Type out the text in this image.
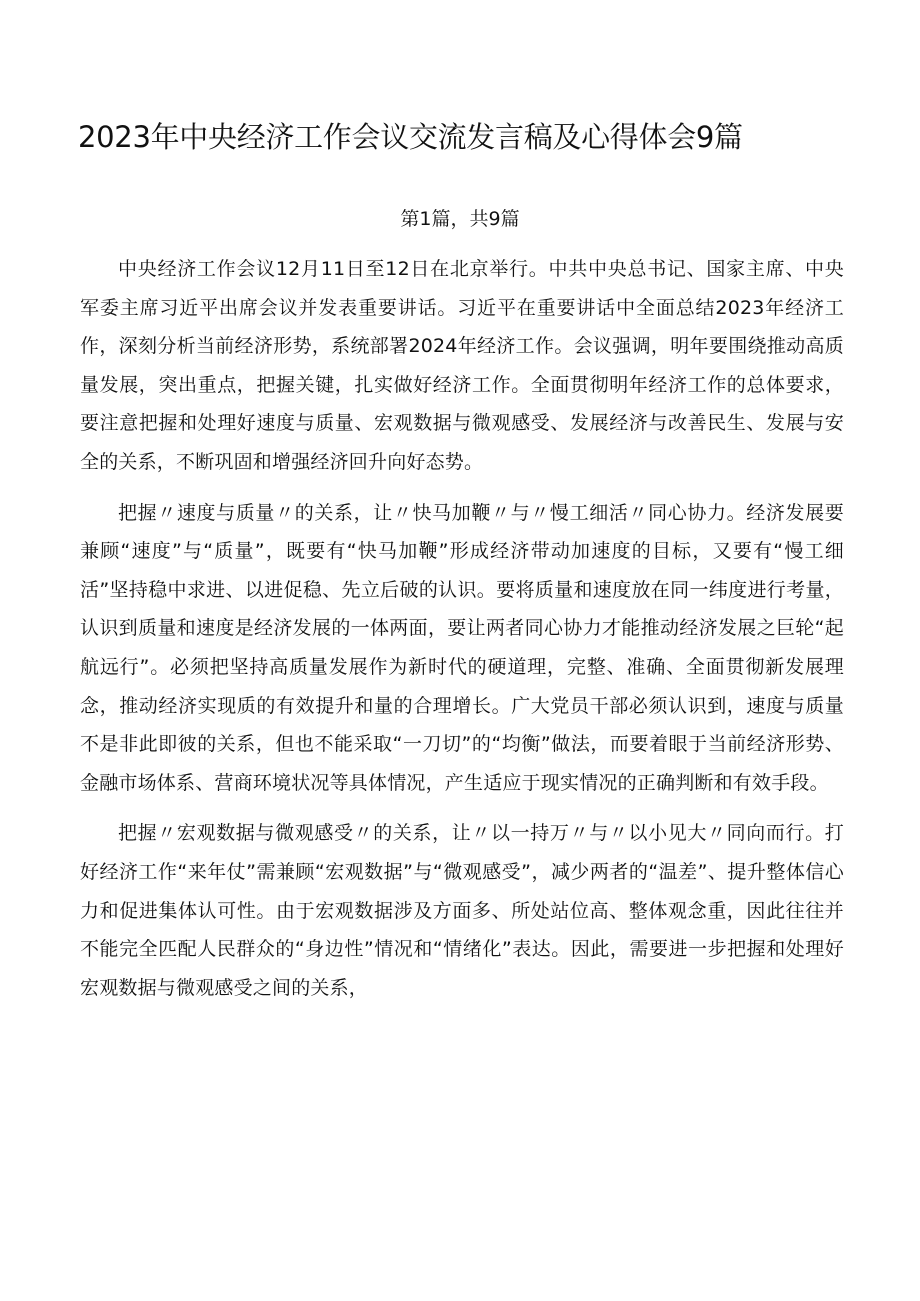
2023年中央经济工作会议交流发言稿及心得体会9篇

第1篇，共9篇

中央经济工作会议12月11日至12日在北京举行。中共中央总书记、国家主席、中央军委主席习近平出席会议并发表重要讲话。习近平在重要讲话中全面总结2023年经济工作，深刻分析当前经济形势，系统部署2024年经济工作。会议强调，明年要围绕推动高质量发展，突出重点，把握关键，扎实做好经济工作。全面贯彻明年经济工作的总体要求，要注意把握和处理好速度与质量、宏观数据与微观感受、发展经济与改善民生、发展与安全的关系，不断巩固和增强经济回升向好态势。

把握〃速度与质量〃的关系，让〃快马加鞭〃与〃慢工细活〃同心协力。经济发展要兼顾“速度”与“质量”，既要有“快马加鞭”形成经济带动加速度的目标，又要有“慢工细活”坚持稳中求进、以进促稳、先立后破的认识。要将质量和速度放在同一纬度进行考量，认识到质量和速度是经济发展的一体两面，要让两者同心协力才能推动经济发展之巨轮“起航远行”。必须把坚持高质量发展作为新时代的硬道理，完整、准确、全面贯彻新发展理念，推动经济实现质的有效提升和量的合理增长。广大党员干部必须认识到，速度与质量不是非此即彼的关系，但也不能采取“一刀切”的“均衡”做法，而要着眼于当前经济形势、金融市场体系、营商环境状况等具体情况，产生适应于现实情况的正确判断和有效手段。

把握〃宏观数据与微观感受〃的关系，让〃以一持万〃与〃以小见大〃同向而行。打好经济工作“来年仗”需兼顾“宏观数据”与“微观感受”，减少两者的“温差”、提升整体信心力和促进集体认可性。由于宏观数据涉及方面多、所处站位高、整体观念重，因此往往并不能完全匹配人民群众的“身边性”情况和“情绪化”表达。因此，需要进一步把握和处理好宏观数据与微观感受之间的关系，
